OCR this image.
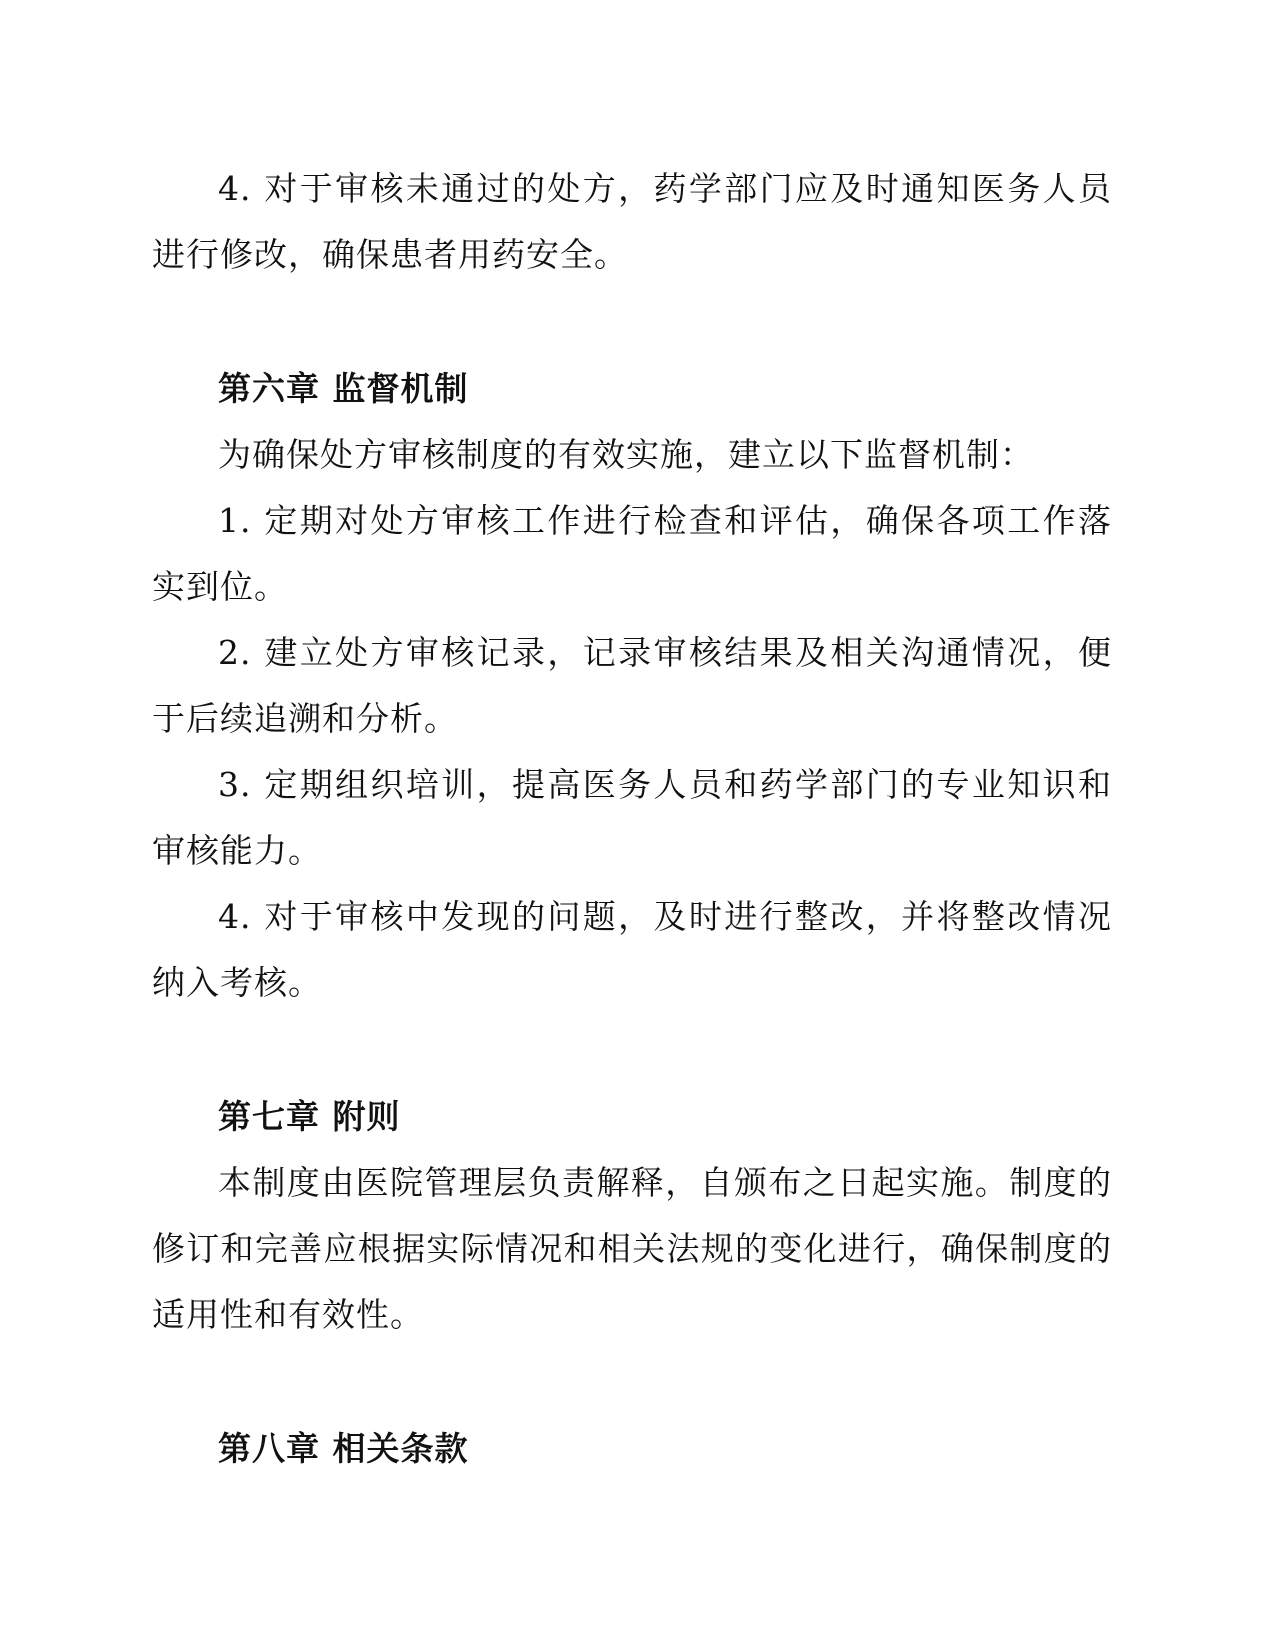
4. 对于审核未通过的处方，药学部门应及时通知医务人员进行修改，确保患者用药安全。

第六章 监督机制

为确保处方审核制度的有效实施，建立以下监督机制：

1. 定期对处方审核工作进行检查和评估，确保各项工作落实到位。

2. 建立处方审核记录，记录审核结果及相关沟通情况，便于后续追溯和分析。

3. 定期组织培训，提高医务人员和药学部门的专业知识和审核能力。

4. 对于审核中发现的问题，及时进行整改，并将整改情况纳入考核。

第七章 附则

本制度由医院管理层负责解释，自颁布之日起实施。制度的修订和完善应根据实际情况和相关法规的变化进行，确保制度的适用性和有效性。

第八章 相关条款
